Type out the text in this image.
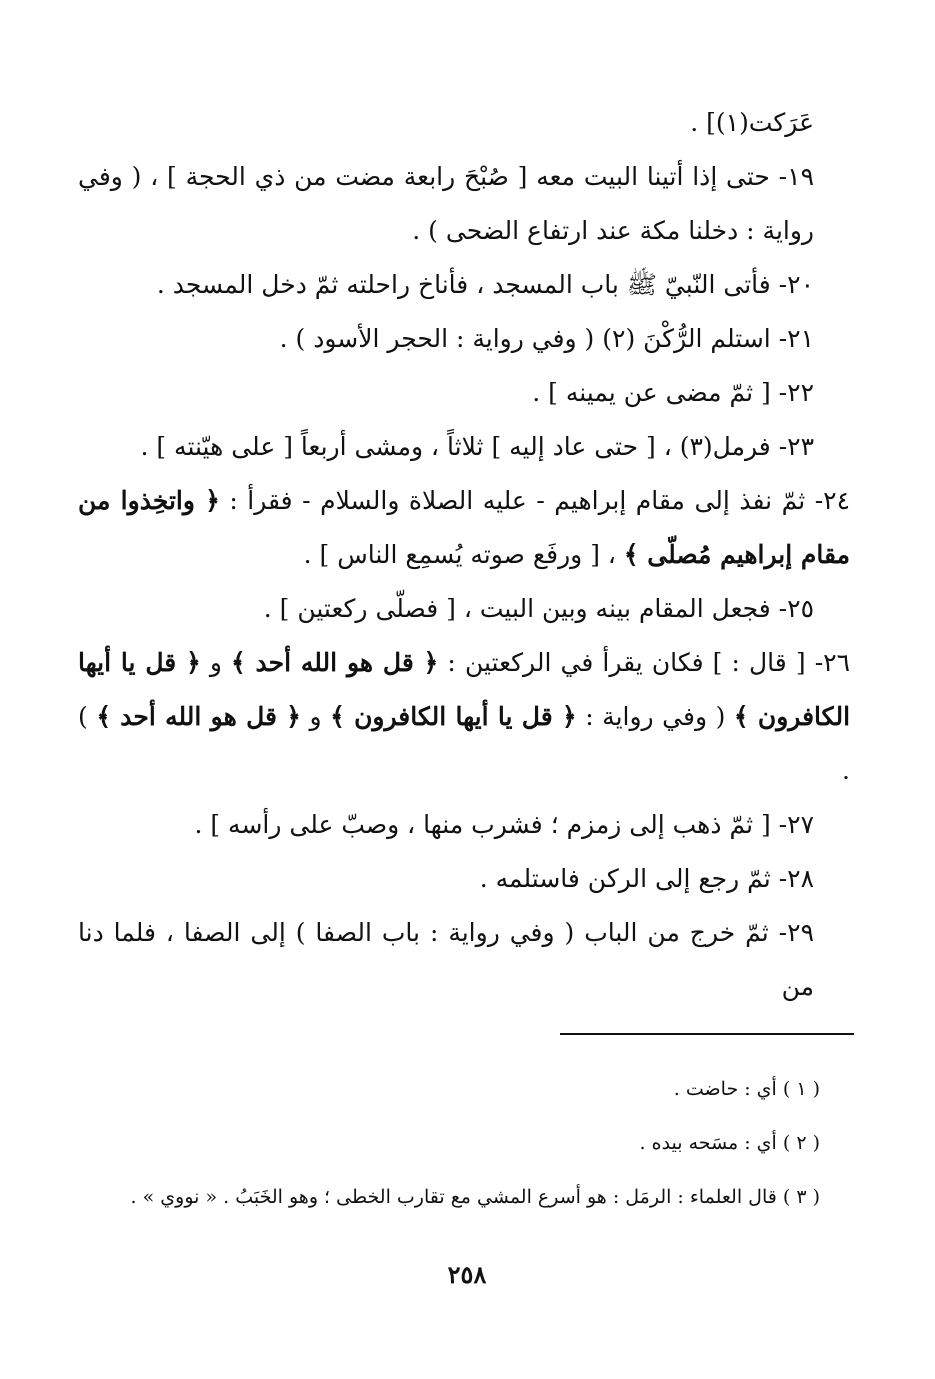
عَرَكت(١)] .

١٩- حتى إذا أتينا البيت معه [ صُبْحَ رابعة مضت من ذي الحجة ] ، ( وفي رواية : دخلنا مكة عند ارتفاع الضحى ) .

٢٠- فأتى النّبيّ ﷺ باب المسجد ، فأناخ راحلته ثمّ دخل المسجد .

٢١- استلم الرُّكْنَ (٢) ( وفي رواية : الحجر الأسود ) .

٢٢- [ ثمّ مضى عن يمينه ] .

٢٣- فرمل(٣) ، [ حتى عاد إليه ] ثلاثاً ، ومشى أربعاً [ على هيّنته ] .

٢٤- ثمّ نفذ إلى مقام إبراهيم - عليه الصلاة والسلام - فقرأ : ﴿ واتخِذوا من مقام إبراهيم مُصلّى ﴾ ، [ ورفَع صوته يُسمِع الناس ] .

٢٥- فجعل المقام بينه وبين البيت ، [ فصلّى ركعتين ] .

٢٦- [ قال : ] فكان يقرأ في الركعتين : ﴿ قل هو الله أحد ﴾ و ﴿ قل يا أيها الكافرون ﴾ ( وفي رواية : ﴿ قل يا أيها الكافرون ﴾ و ﴿ قل هو الله أحد ﴾ ) .

٢٧- [ ثمّ ذهب إلى زمزم ؛ فشرب منها ، وصبّ على رأسه ] .

٢٨- ثمّ رجع إلى الركن فاستلمه .

٢٩- ثمّ خرج من الباب ( وفي رواية : باب الصفا ) إلى الصفا ، فلما دنا من

( ١ ) أي : حاضت .

( ٢ ) أي : مسَحه بيده .

( ٣ ) قال العلماء : الرمَل : هو أسرع المشي مع تقارب الخطى ؛ وهو الخَبَبُ . « نووي » .

٢٥٨
